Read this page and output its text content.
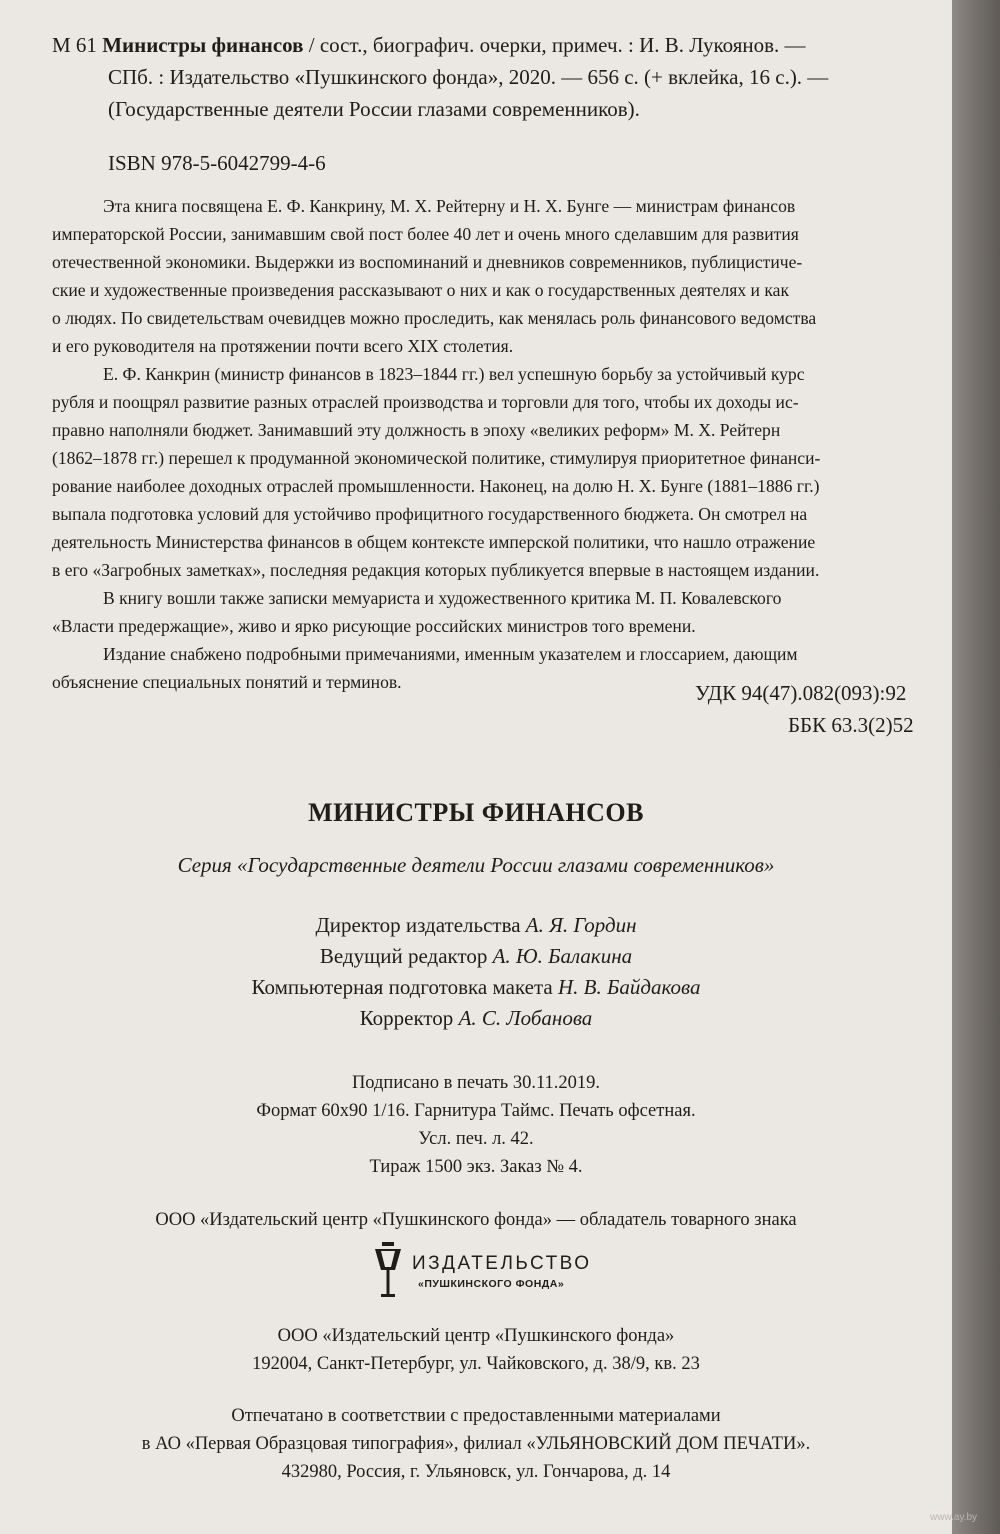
М 61 Министры финансов / сост., биографич. очерки, примеч. : И. В. Лукоянов. —
СПб. : Издательство «Пушкинского фонда», 2020. — 656 с. (+ вклейка, 16 с.). —
(Государственные деятели России глазами современников).
ISBN 978-5-6042799-4-6
Эта книга посвящена Е. Ф. Канкрину, М. Х. Рейтерну и Н. Х. Бунге — министрам финансов
императорской России, занимавшим свой пост более 40 лет и очень много сделавшим для развития
отечественной экономики. Выдержки из воспоминаний и дневников современников, публицистиче-
ские и художественные произведения рассказывают о них и как о государственных деятелях и как
о людях. По свидетельствам очевидцев можно проследить, как менялась роль финансового ведомства
и его руководителя на протяжении почти всего XIX столетия.
Е. Ф. Канкрин (министр финансов в 1823–1844 гг.) вел успешную борьбу за устойчивый курс
рубля и поощрял развитие разных отраслей производства и торговли для того, чтобы их доходы ис-
правно наполняли бюджет. Занимавший эту должность в эпоху «великих реформ» М. Х. Рейтерн
(1862–1878 гг.) перешел к продуманной экономической политике, стимулируя приоритетное финанси-
рование наиболее доходных отраслей промышленности. Наконец, на долю Н. Х. Бунге (1881–1886 гг.)
выпала подготовка условий для устойчиво профицитного государственного бюджета. Он смотрел на
деятельность Министерства финансов в общем контексте имперской политики, что нашло отражение
в его «Загробных заметках», последняя редакция которых публикуется впервые в настоящем издании.
В книгу вошли также записки мемуариста и художественного критика М. П. Ковалевского
«Власти предержащие», живо и ярко рисующие российских министров того времени.
Издание снабжено подробными примечаниями, именным указателем и глоссарием, дающим
объяснение специальных понятий и терминов.	УДК 94(47).082(093):92
ББК 63.3(2)52
МИНИСТРЫ ФИНАНСОВ
Серия «Государственные деятели России глазами современников»
Директор издательства А. Я. Гордин
Ведущий редактор А. Ю. Балакина
Компьютерная подготовка макета Н. В. Байдакова
Корректор А. С. Лобанова
Подписано в печать 30.11.2019.
Формат 60x90 1/16. Гарнитура Таймс. Печать офсетная.
Усл. печ. л. 42.
Тираж 1500 экз. Заказ № 4.
ООО «Издательский центр «Пушкинского фонда» — обладатель товарного знака
ИЗДАТЕЛЬСТВО
«ПУШКИНСКОГО ФОНДА»
ООО «Издательский центр «Пушкинского фонда»
192004, Санкт-Петербург, ул. Чайковского, д. 38/9, кв. 23
Отпечатано в соответствии с предоставленными материалами
в АО «Первая Образцовая типография», филиал «УЛЬЯНОВСКИЙ ДОМ ПЕЧАТИ».
432980, Россия, г. Ульяновск, ул. Гончарова, д. 14
www.ay.by
